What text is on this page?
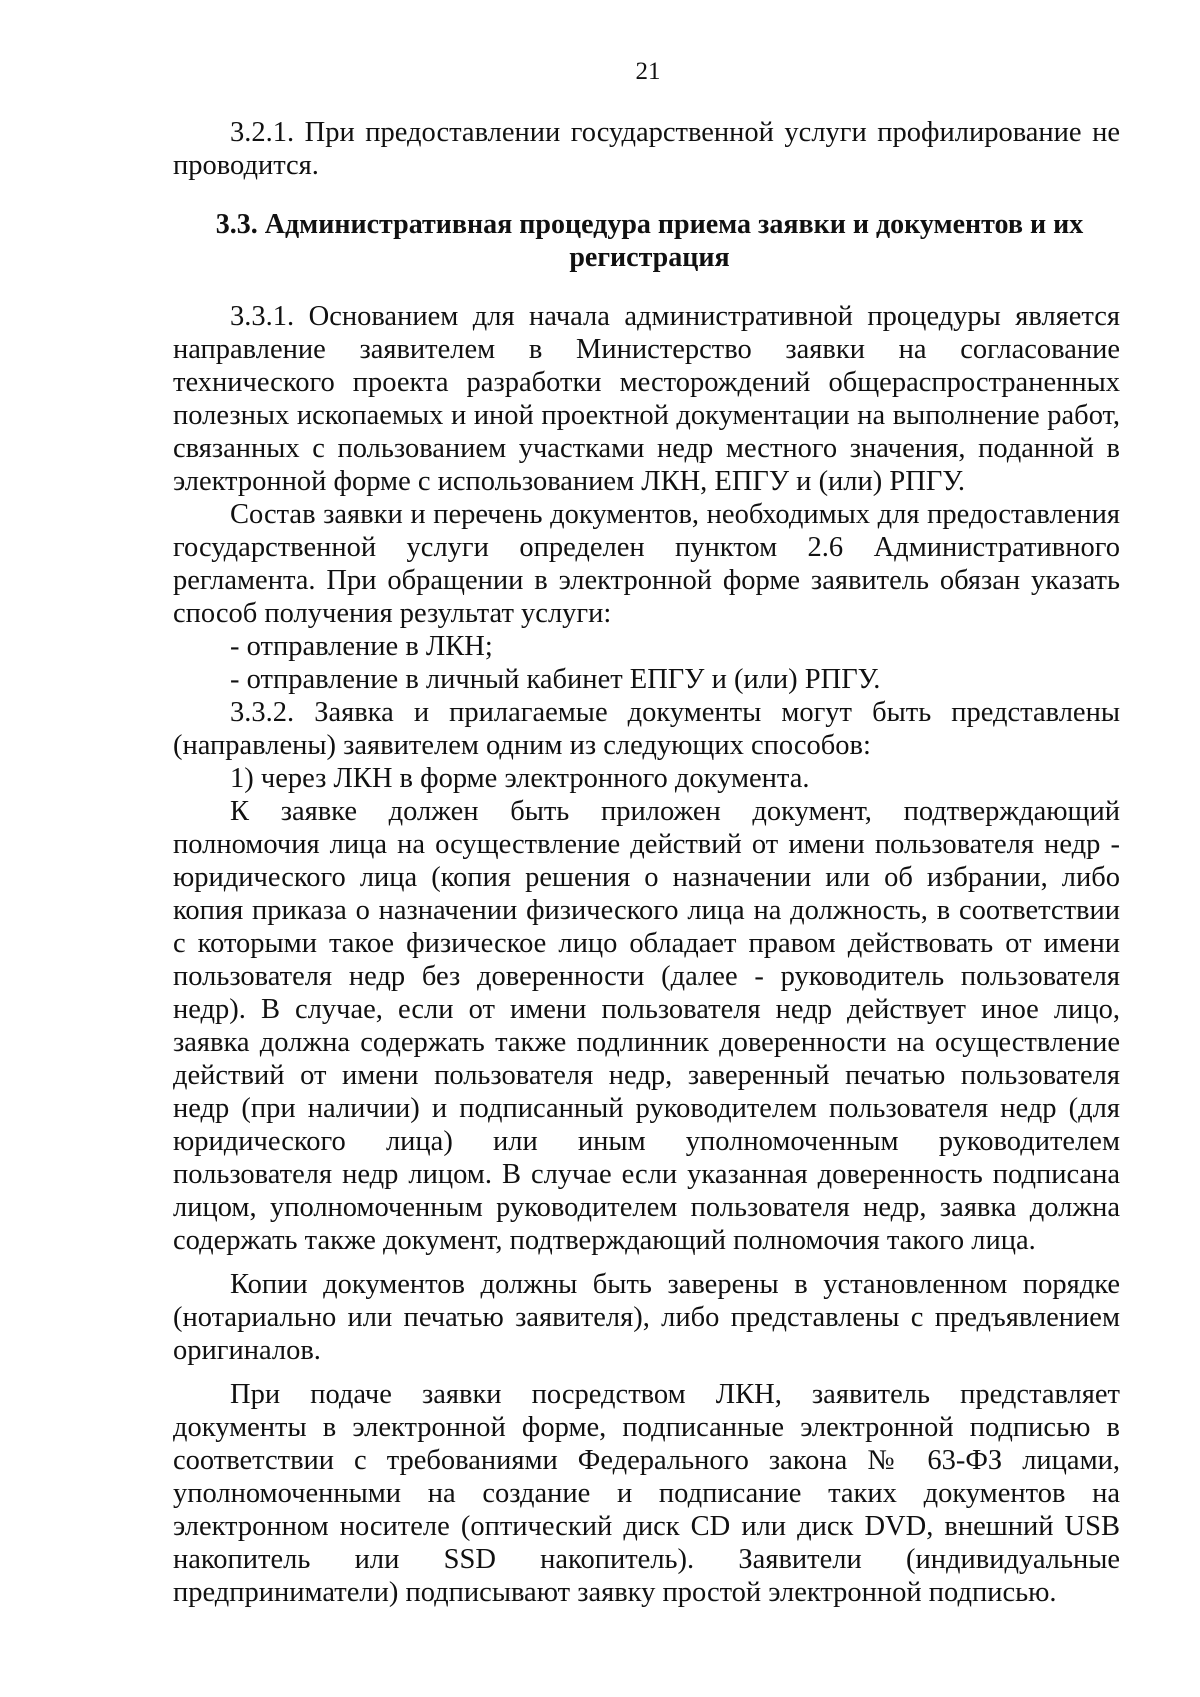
21

3.2.1. При предоставлении государственной услуги профилирование не проводится.

3.3. Административная процедура приема заявки и документов и их регистрация

3.3.1. Основанием для начала административной процедуры является направление заявителем в Министерство заявки на согласование технического проекта разработки месторождений общераспространенных полезных ископаемых и иной проектной документации на выполнение работ, связанных с пользованием участками недр местного значения, поданной в электронной форме с использованием ЛКН, ЕПГУ и (или) РПГУ.

Состав заявки и перечень документов, необходимых для предоставления государственной услуги определен пунктом 2.6 Административного регламента. При обращении в электронной форме заявитель обязан указать способ получения результат услуги:

- отправление в ЛКН;

- отправление в личный кабинет ЕПГУ и (или) РПГУ.

3.3.2. Заявка и прилагаемые документы могут быть представлены (направлены) заявителем одним из следующих способов:

1) через ЛКН в форме электронного документа.

К заявке должен быть приложен документ, подтверждающий полномочия лица на осуществление действий от имени пользователя недр - юридического лица (копия решения о назначении или об избрании, либо копия приказа о назначении физического лица на должность, в соответствии с которыми такое физическое лицо обладает правом действовать от имени пользователя недр без доверенности (далее - руководитель пользователя недр). В случае, если от имени пользователя недр действует иное лицо, заявка должна содержать также подлинник доверенности на осуществление действий от имени пользователя недр, заверенный печатью пользователя недр (при наличии) и подписанный руководителем пользователя недр (для юридического лица) или иным уполномоченным руководителем пользователя недр лицом. В случае если указанная доверенность подписана лицом, уполномоченным руководителем пользователя недр, заявка должна содержать также документ, подтверждающий полномочия такого лица.

Копии документов должны быть заверены в установленном порядке (нотариально или печатью заявителя), либо представлены с предъявлением оригиналов.

При подаче заявки посредством ЛКН, заявитель представляет документы в электронной форме, подписанные электронной подписью в соответствии с требованиями Федерального закона № 63-ФЗ лицами, уполномоченными на создание и подписание таких документов на электронном носителе (оптический диск CD или диск DVD, внешний USB накопитель или SSD накопитель). Заявители (индивидуальные предприниматели) подписывают заявку простой электронной подписью.
